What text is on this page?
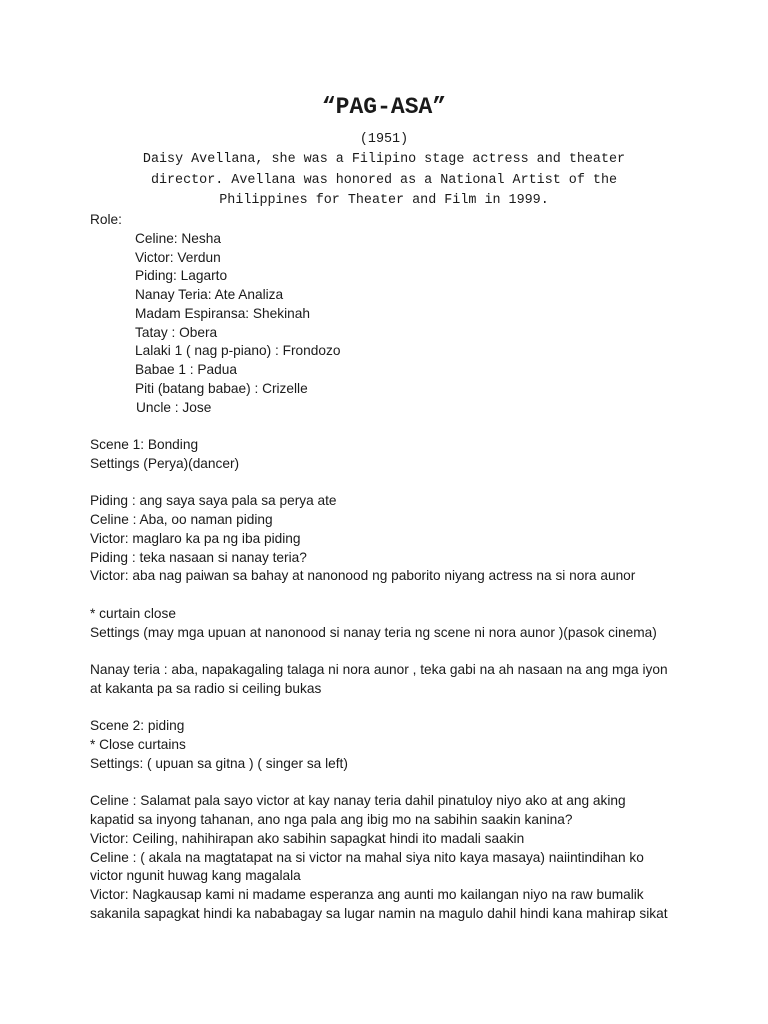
“PAG-ASA”
(1951)
Daisy Avellana, she was a Filipino stage actress and theater
director. Avellana was honored as a National Artist of the
Philippines for Theater and Film in 1999.
Role:
Celine: Nesha
Victor: Verdun
Piding: Lagarto
Nanay Teria: Ate Analiza
Madam Espiransa: Shekinah
Tatay : Obera
Lalaki 1 ( nag p-piano) : Frondozo
Babae 1 : Padua
Piti (batang babae) : Crizelle
Uncle : Jose
Scene 1: Bonding
Settings (Perya)(dancer)
Piding : ang saya saya pala sa perya ate
Celine : Aba, oo naman piding
Victor: maglaro ka pa ng iba piding
Piding : teka nasaan si nanay teria?
Victor: aba nag paiwan sa bahay at nanonood ng paborito niyang actress na si nora aunor
* curtain close
Settings (may mga upuan at nanonood si nanay teria ng scene ni nora aunor )(pasok cinema)
Nanay teria : aba, napakagaling talaga ni nora aunor , teka gabi na ah nasaan na ang mga iyon
at kakanta pa sa radio si ceiling bukas
Scene 2: piding
* Close curtains
Settings: ( upuan sa gitna ) ( singer sa left)
Celine : Salamat pala sayo victor at kay nanay teria dahil pinatuloy niyo ako at ang aking
kapatid sa inyong tahanan, ano nga pala ang ibig mo na sabihin saakin kanina?
Victor: Ceiling, nahihirapan ako sabihin sapagkat hindi ito madali saakin
Celine : ( akala na magtatapat na si victor na mahal siya nito kaya masaya) naiintindihan ko
victor ngunit huwag kang magalala
Victor: Nagkausap kami ni madame esperanza ang aunti mo kailangan niyo na raw bumalik
sakanila sapagkat hindi ka nababagay sa lugar namin na magulo dahil hindi kana mahirap sikat
